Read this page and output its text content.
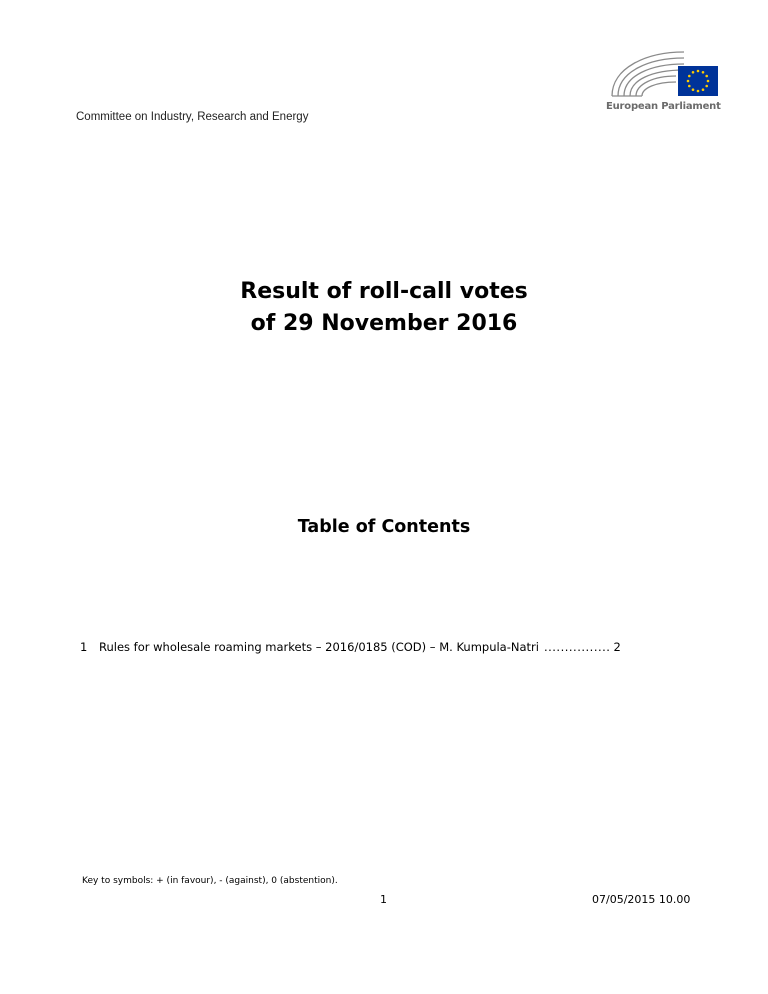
European Parliament
Committee on Industry, Research and Energy
Result of roll-call votes
of 29 November 2016
Table of Contents
1	Rules for wholesale roaming markets – 2016/0185 (COD) – M. Kumpula-Natri ................ 2
Key to symbols: + (in favour), - (against), 0 (abstention).
1	07/05/2015 10.00
